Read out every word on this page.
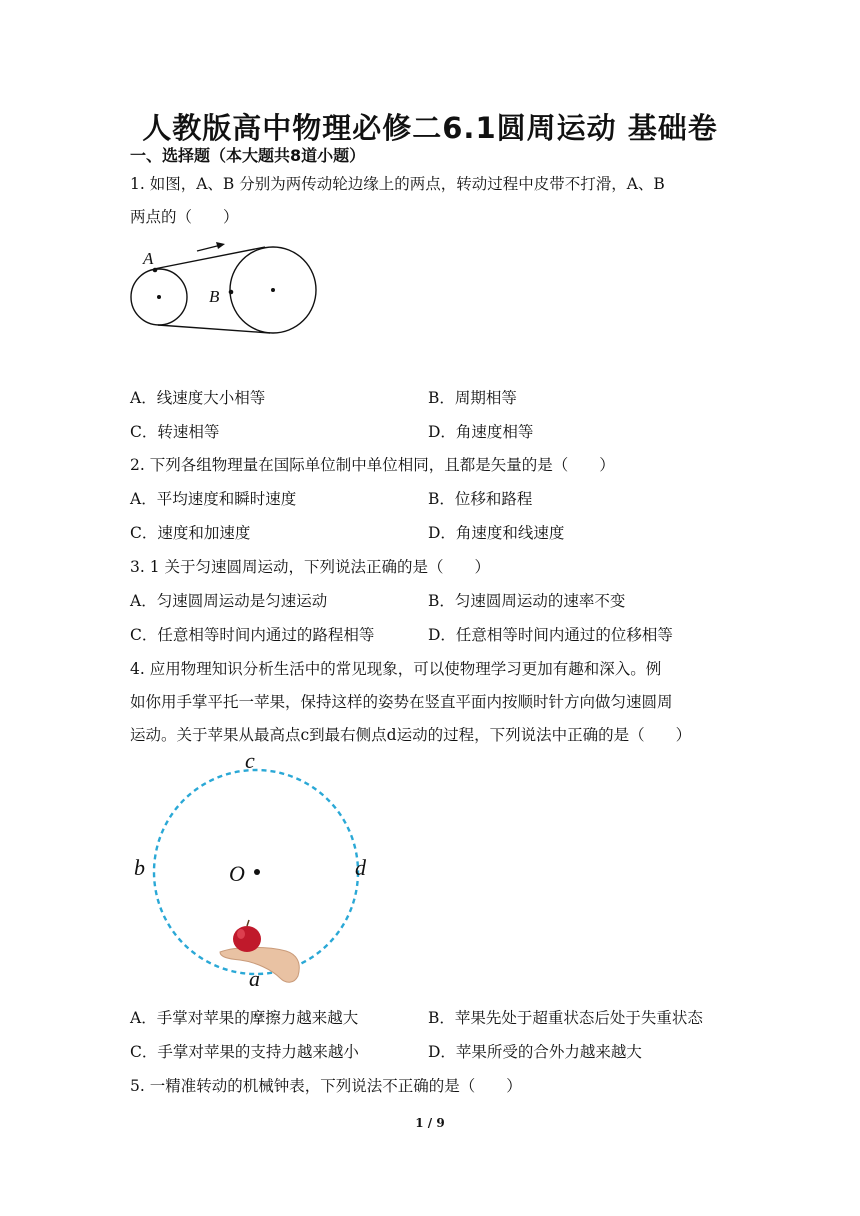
人教版高中物理必修二6.1圆周运动 基础卷
一、选择题（本大题共8道小题）
1. 如图，A、B 分别为两传动轮边缘上的两点，转动过程中皮带不打滑，A、B
两点的（　　）
A
B
A．线速度大小相等	B．周期相等
C．转速相等	D．角速度相等
2. 下列各组物理量在国际单位制中单位相同，且都是矢量的是（　　）
A．平均速度和瞬时速度	B．位移和路程
C．速度和加速度	D．角速度和线速度
3. 1 关于匀速圆周运动，下列说法正确的是（　　）
A．匀速圆周运动是匀速运动	B．匀速圆周运动的速率不变
C．任意相等时间内通过的路程相等	D．任意相等时间内通过的位移相等
4. 应用物理知识分析生活中的常见现象，可以使物理学习更加有趣和深入。例
如你用手掌平托一苹果，保持这样的姿势在竖直平面内按顺时针方向做匀速圆周
运动。关于苹果从最高点c到最右侧点d运动的过程，下列说法中正确的是（　　）
c
b	O	d
a
A．手掌对苹果的摩擦力越来越大	B．苹果先处于超重状态后处于失重状态
C．手掌对苹果的支持力越来越小	D．苹果所受的合外力越来越大
5. 一精准转动的机械钟表，下列说法不正确的是（　　）
1 / 9
